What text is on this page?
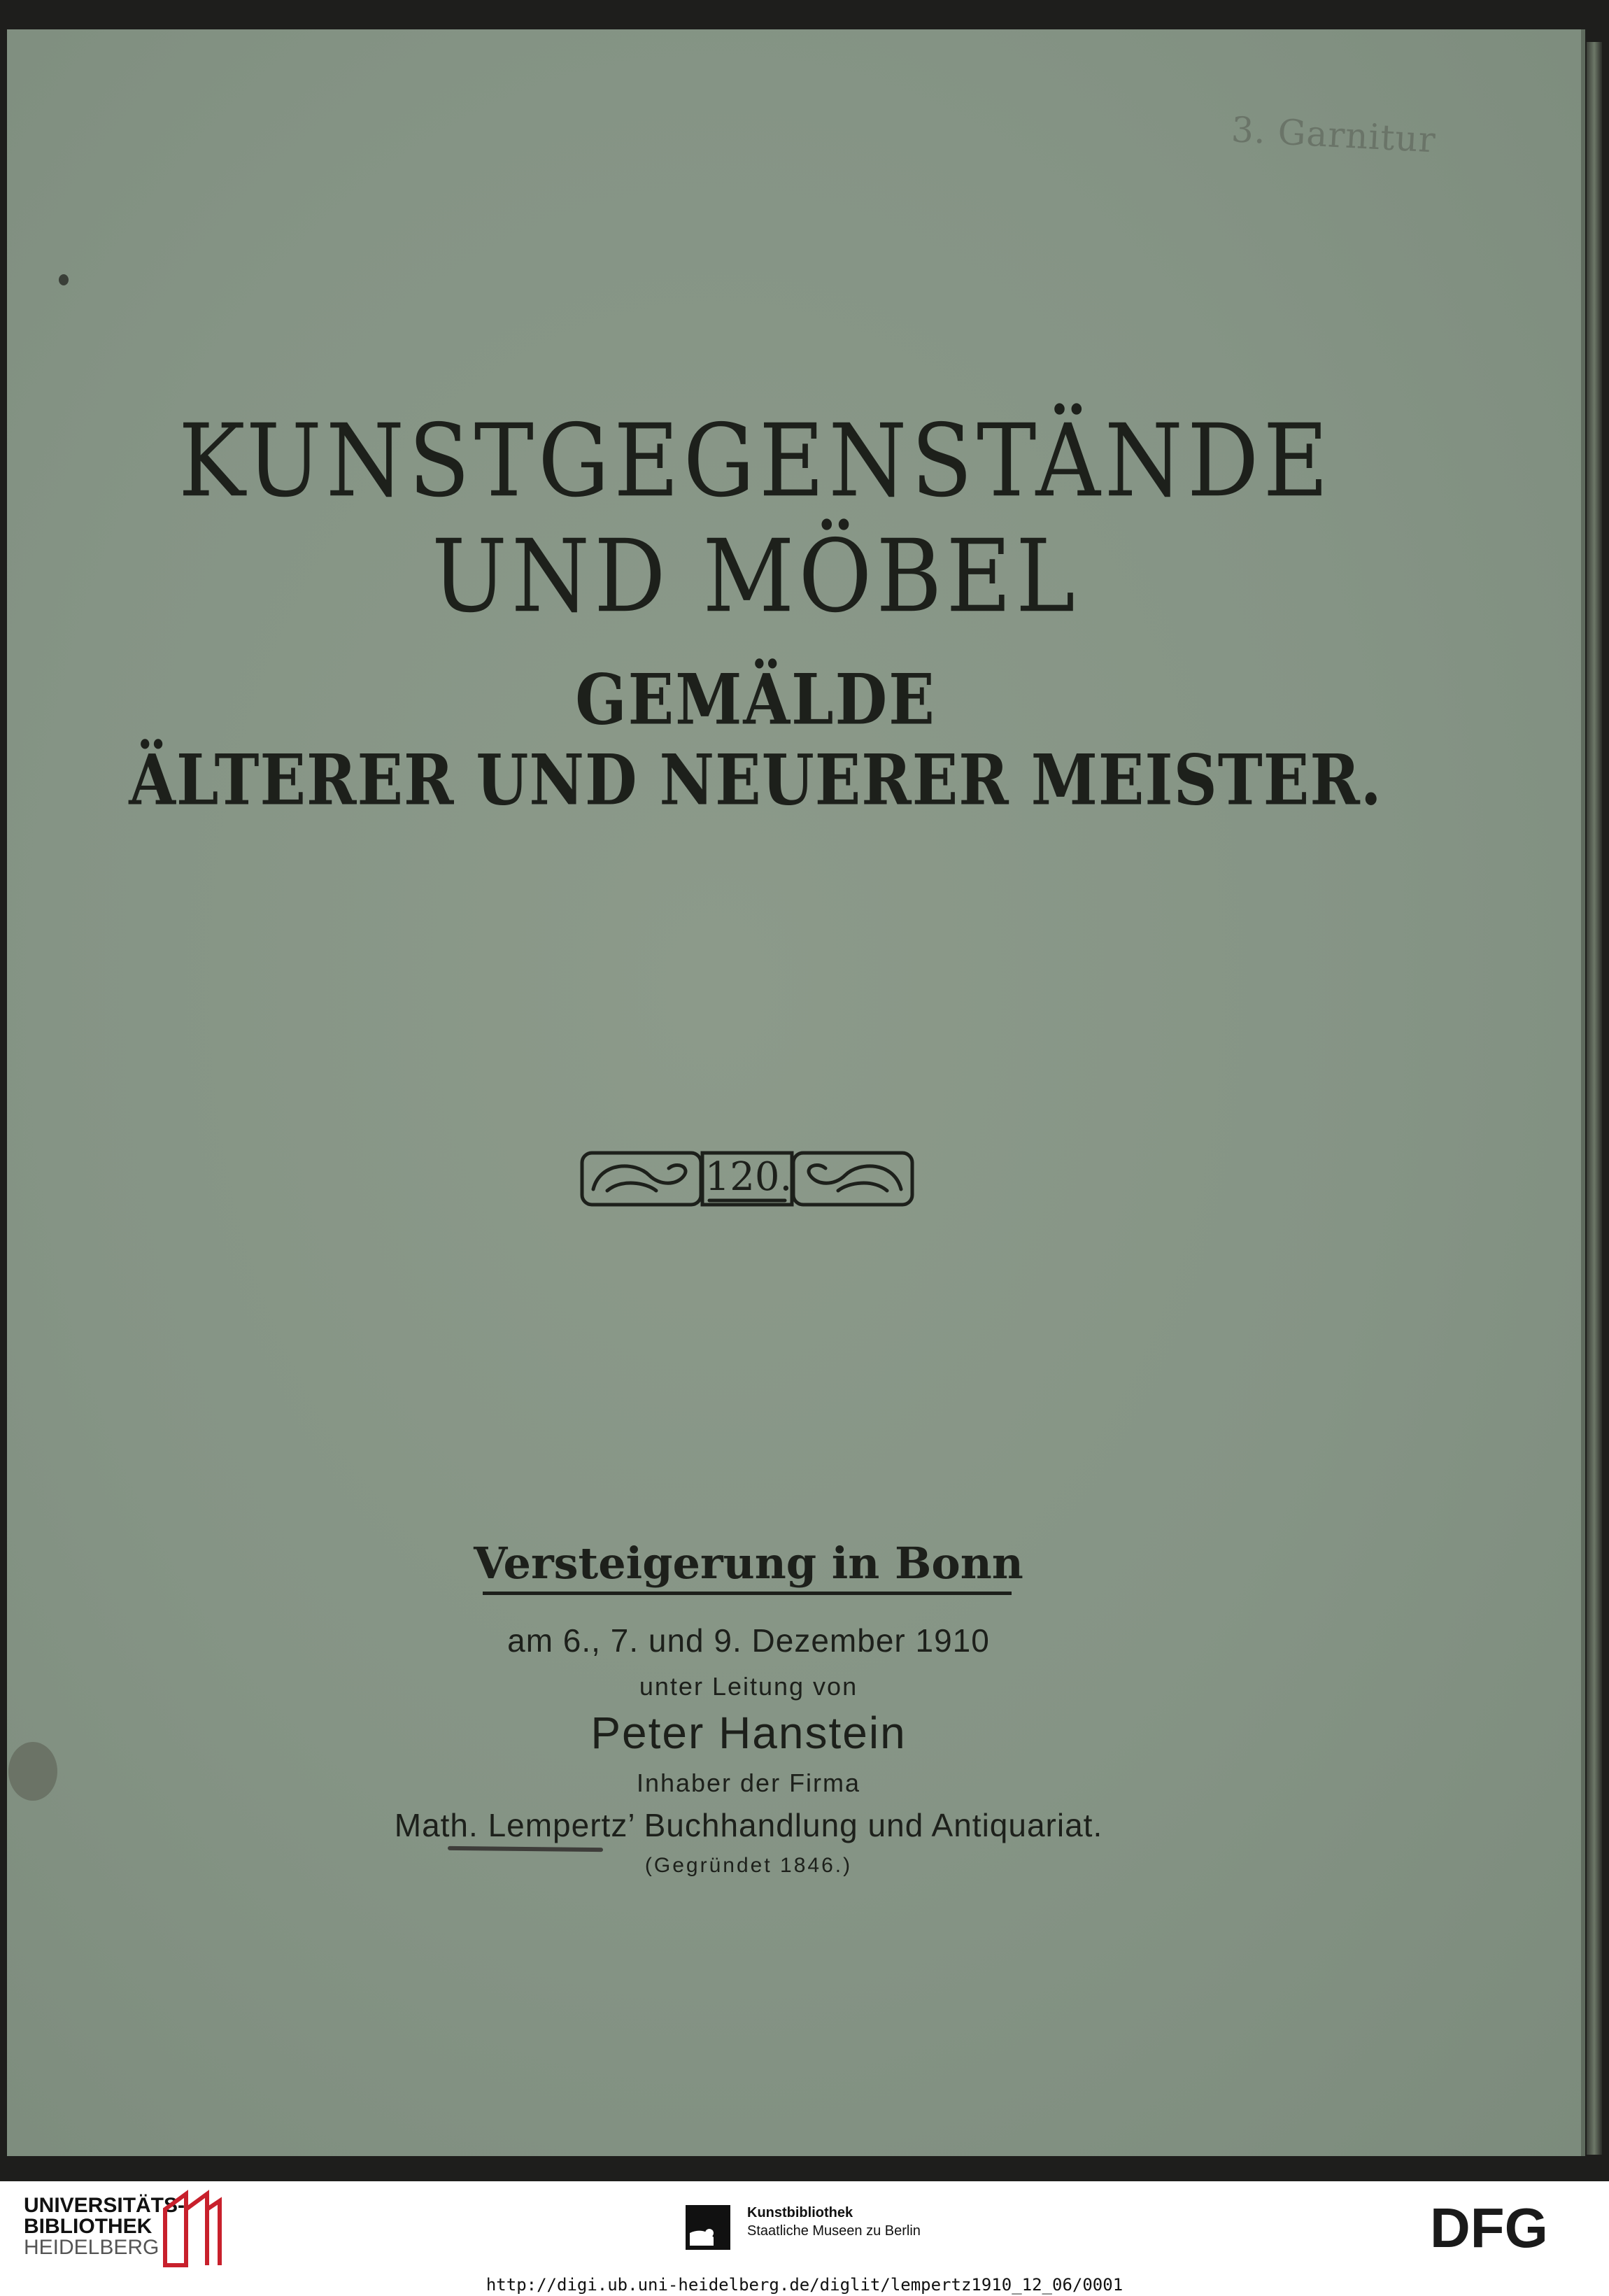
3. Garnitur
KUNSTGEGENSTÄNDE
UND MÖBEL
GEMÄLDE
ÄLTERER UND NEUERER MEISTER.
120.
Versteigerung in Bonn
am 6., 7. und 9. Dezember 1910
unter Leitung von
Peter Hanstein
Inhaber der Firma
Math. Lempertz’ Buchhandlung und Antiquariat.
(Gegründet 1846.)
UNIVERSITÄTS-
BIBLIOTHEK

HEIDELBERG
Kunstbibliothek
Staatliche Museen zu Berlin	DFG
http://digi.ub.uni-heidelberg.de/diglit/lempertz1910_12_06/0001
